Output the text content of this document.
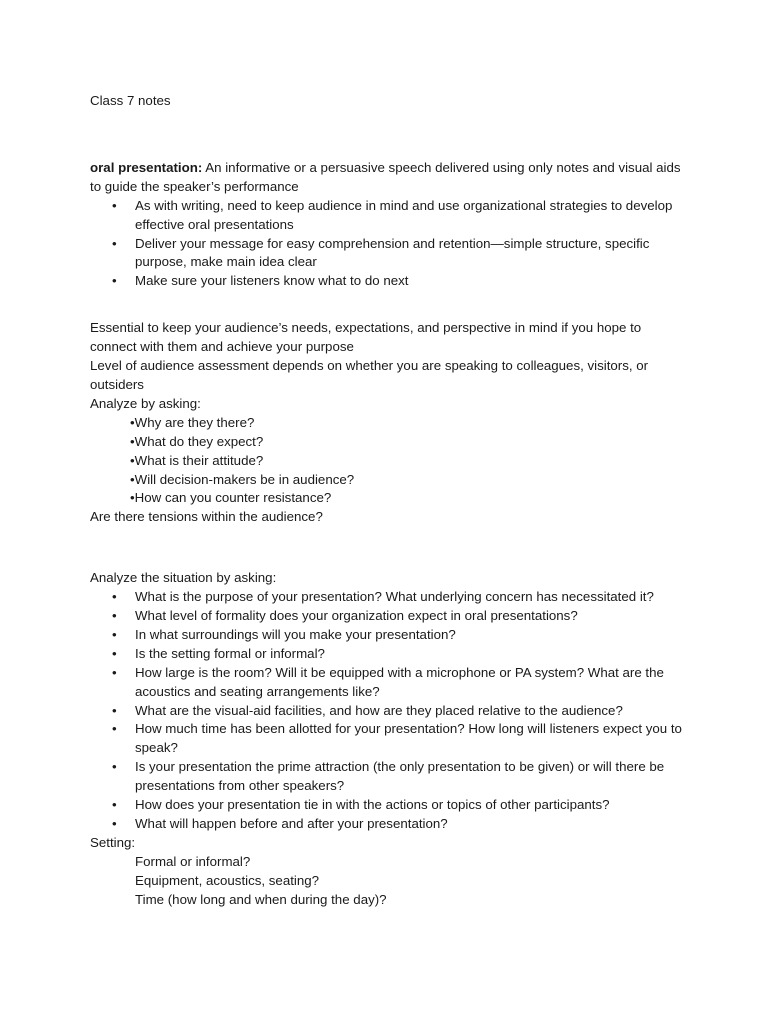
Class 7 notes

oral presentation: An informative or a persuasive speech delivered using only notes and visual aids to guide the speaker’s performance

• As with writing, need to keep audience in mind and use organizational strategies to develop effective oral presentations
• Deliver your message for easy comprehension and retention—simple structure, specific purpose, make main idea clear
• Make sure your listeners know what to do next

Essential to keep your audience’s needs, expectations, and perspective in mind if you hope to connect with them and achieve your purpose

Level of audience assessment depends on whether you are speaking to colleagues, visitors, or outsiders

Analyze by asking:

•Why are they there?
•What do they expect?
•What is their attitude?
•Will decision-makers be in audience?
•How can you counter resistance?

Are there tensions within the audience?

Analyze the situation by asking:

• What is the purpose of your presentation? What underlying concern has necessitated it?
• What level of formality does your organization expect in oral presentations?
• In what surroundings will you make your presentation?
• Is the setting formal or informal?
• How large is the room? Will it be equipped with a microphone or PA system? What are the acoustics and seating arrangements like?
• What are the visual-aid facilities, and how are they placed relative to the audience?
• How much time has been allotted for your presentation? How long will listeners expect you to speak?
• Is your presentation the prime attraction (the only presentation to be given) or will there be presentations from other speakers?
• How does your presentation tie in with the actions or topics of other participants?
• What will happen before and after your presentation?

Setting:

Formal or informal?
Equipment, acoustics, seating?
Time (how long and when during the day)?
